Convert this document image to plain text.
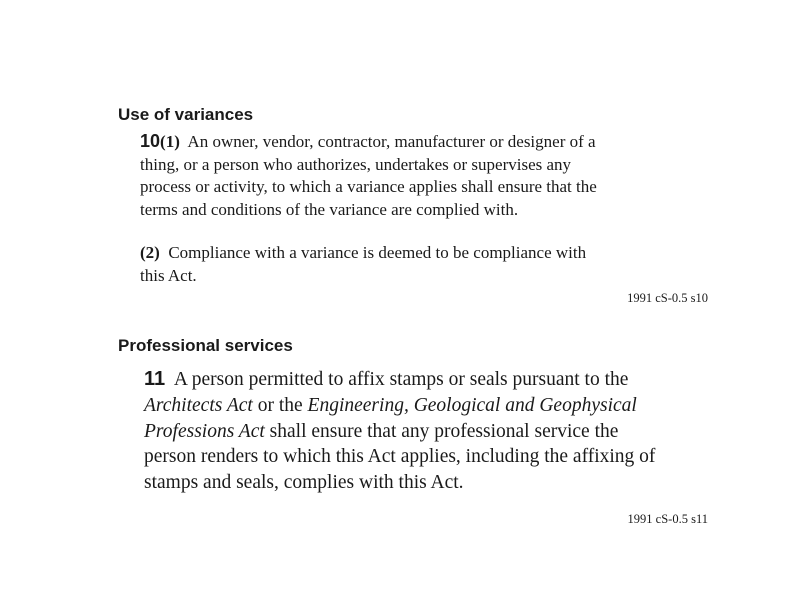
Use of variances
10(1) An owner, vendor, contractor, manufacturer or designer of a
thing, or a person who authorizes, undertakes or supervises any
process or activity, to which a variance applies shall ensure that the
terms and conditions of the variance are complied with.
(2) Compliance with a variance is deemed to be compliance with
this Act.
1991 cS-0.5 s10
Professional services
11 A person permitted to affix stamps or seals pursuant to the
Architects Act or the Engineering, Geological and Geophysical
Professions Act shall ensure that any professional service the
person renders to which this Act applies, including the affixing of
stamps and seals, complies with this Act.
1991 cS-0.5 s11
